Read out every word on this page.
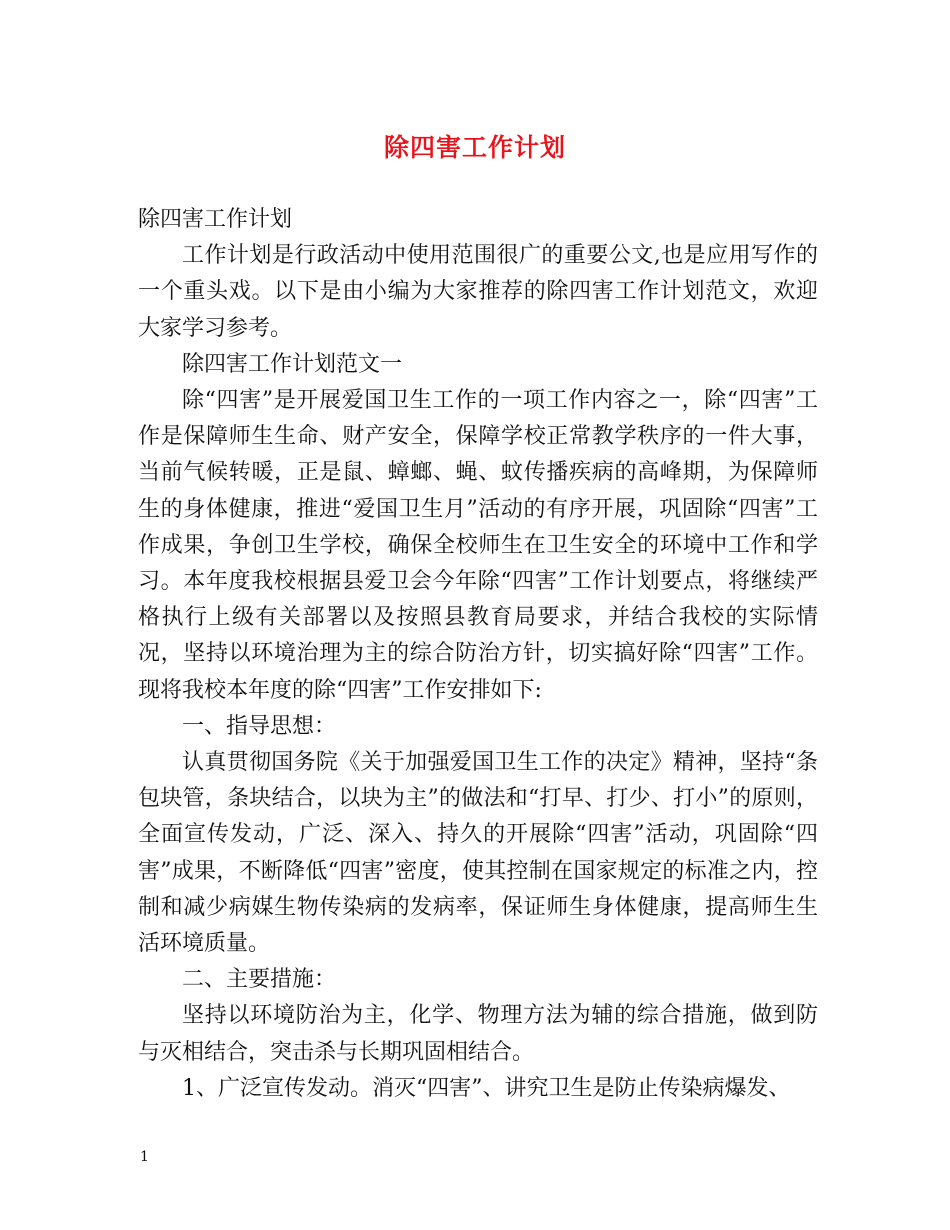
除四害工作计划

除四害工作计划

工作计划是行政活动中使用范围很广的重要公文,也是应用写作的一个重头戏。以下是由小编为大家推荐的除四害工作计划范文，欢迎大家学习参考。

除四害工作计划范文一

除“四害”是开展爱国卫生工作的一项工作内容之一，除“四害”工作是保障师生生命、财产安全，保障学校正常教学秩序的一件大事，当前气候转暖，正是鼠、蟑螂、蝇、蚊传播疾病的高峰期，为保障师生的身体健康，推进“爱国卫生月”活动的有序开展，巩固除“四害”工作成果，争创卫生学校，确保全校师生在卫生安全的环境中工作和学习。本年度我校根据县爱卫会今年除“四害”工作计划要点，将继续严格执行上级有关部署以及按照县教育局要求，并结合我校的实际情况，坚持以环境治理为主的综合防治方针，切实搞好除“四害”工作。现将我校本年度的除“四害”工作安排如下:

一、指导思想：

认真贯彻国务院《关于加强爱国卫生工作的决定》精神，坚持“条包块管，条块结合，以块为主”的做法和“打早、打少、打小”的原则，全面宣传发动，广泛、深入、持久的开展除“四害”活动，巩固除“四害”成果，不断降低“四害”密度，使其控制在国家规定的标准之内，控制和减少病媒生物传染病的发病率，保证师生身体健康，提高师生生活环境质量。

二、主要措施：

坚持以环境防治为主，化学、物理方法为辅的综合措施，做到防与灭相结合，突击杀与长期巩固相结合。

1、广泛宣传发动。消灭“四害”、讲究卫生是防止传染病爆发、

1
